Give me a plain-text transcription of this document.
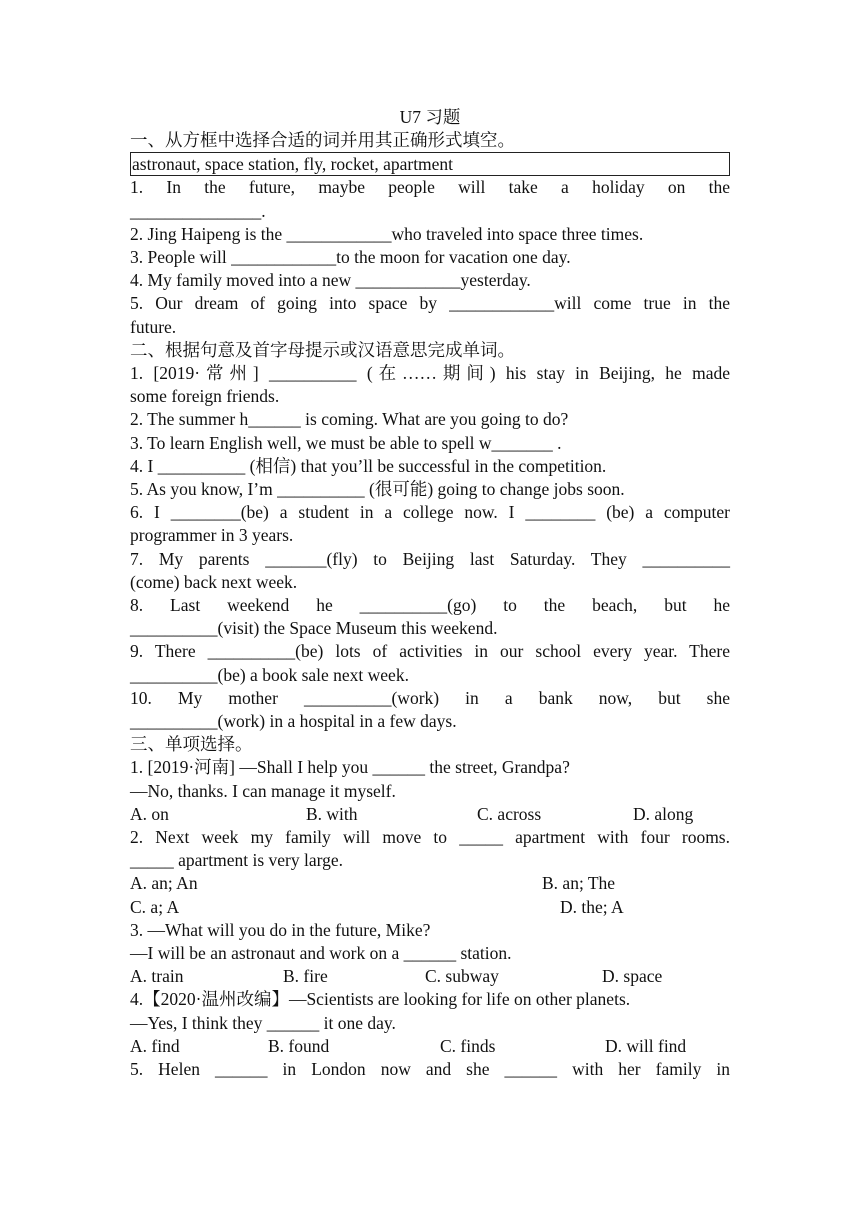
U7 习题
一、从方框中选择合适的词并用其正确形式填空。
astronaut, space station, fly, rocket, apartment
1. In the future, maybe people will take a holiday on the
_______________.
2. Jing Haipeng is the ____________who traveled into space three times.
3. People will ____________to the moon for vacation one day.
4. My family moved into a new ____________yesterday.
5. Our dream of going into space by ____________will come true in the
future.
二、根据句意及首字母提示或汉语意思完成单词。
1. [2019·常州] __________ (在……期间) his stay in Beijing, he made
some foreign friends.
2. The summer h______ is coming. What are you going to do?
3. To learn English well, we must be able to spell w_______ .
4. I __________ (相信) that you’ll be successful in the competition.
5. As you know, I’m __________ (很可能) going to change jobs soon.
6. I ________(be) a student in a college now. I ________ (be) a computer
programmer in 3 years.
7. My parents _______(fly) to Beijing last Saturday. They __________
(come) back next week.
8. Last weekend he __________(go) to the beach, but he
__________(visit) the Space Museum this weekend.
9. There __________(be) lots of activities in our school every year. There
__________(be) a book sale next week.
10. My mother __________(work) in a bank now, but she
__________(work) in a hospital in a few days.
三、单项选择。
1. [2019·河南] —Shall I help you ______ the street, Grandpa?
—No, thanks. I can manage it myself.
A. on	B. with	C. across	D. along
2. Next week my family will move to _____ apartment with four rooms.
_____ apartment is very large.
A. an; An	B. an; The
C. a; A	D. the; A
3. —What will you do in the future, Mike?
—I will be an astronaut and work on a ______ station.
A. train	B. fire	C. subway	D. space
4.【2020·温州改编】—Scientists are looking for life on other planets.
—Yes, I think they ______ it one day.
A. find	B. found	C. finds	D. will find
5. Helen ______ in London now and she ______ with her family in
